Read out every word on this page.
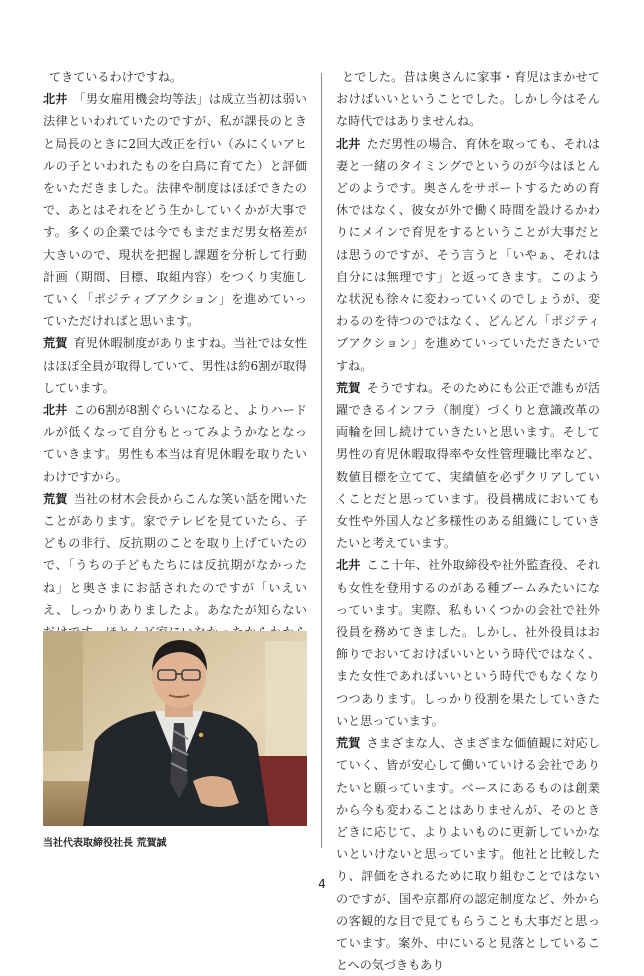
てきているわけですね。

北井 「男女雇用機会均等法」は成立当初は弱い法律といわれていたのですが、私が課長のときと局長のときに2回大改正を行い（みにくいアヒルの子といわれたものを白鳥に育てた）と評価をいただきました。法律や制度はほぼできたので、あとはそれをどう生かしていくかが大事です。多くの企業では今でもまだまだ男女格差が大きいので、現状を把握し課題を分析して行動計画（期間、目標、取組内容）をつくり実施していく「ポジティブアクション」を進めていっていただければと思います。

荒賀 育児休暇制度がありますね。当社では女性はほぼ全員が取得していて、男性は約6割が取得しています。

北井 この6割が8割ぐらいになると、よりハードルが低くなって自分もとってみようかなとなっていきます。男性も本当は育児休暇を取りたいわけですから。

荒賀 当社の材木会長からこんな笑い話を聞いたことがあります。家でテレビを見ていたら、子どもの非行、反抗期のことを取り上げていたので、「うちの子どもたちには反抗期がなかったね」と奥さまにお話されたのですが「いえいえ、しっかりありましたよ。あなたが知らない

とでした。昔は奥さんに家事・育児はまかせておけばいいということでした。しかし今はそんな時代ではありませんね。

北井 ただ男性の場合、育休を取っても、それは妻と一緒のタイミングでというのが今はほとんどのようです。奥さんをサポートするための育休ではなく、彼女が外で働く時間を設けるかわりにメインで育児をするということが大事だとは思うのですが、そう言うと「いやぁ、それは自分には無理です」と返ってきます。このような状況も徐々に変わっていくのでしょうが、変わるのを待つのではなく、どんどん「ポジティブアクション」を進めていっていただきたいですね。

荒賀 そうですね。そのためにも公正で誰もが活躍できるインフラ（制度）づくりと意識改革の両輪を回し続けていきたいと思います。そして男性の育児休暇取得率や女性管理職比率など、数値目標を立てて、実績値を必ずクリアしていくことだと思っています。役員構成においても女性や外国人など多様性のある組織にしていきたいと考えています。

北井 ここ十年、社外取締役や社外監査役、それも女性を登用するのがある種ブームみたいになっています。実際、私もいくつかの会社で社外役員を務めてきました。しかし、社外役員はお飾りでおいておけばいいという時代ではなく、また女性であればいいという時代でもなくなりつつあります。しっかり役割を果たしていきたいと思っています。

荒賀 さまざまな人、さまざまな価値観に対応していく、皆が安心して働いていける会社でありたいと願っています。ベースにあるものは創業から今も変わることはありませんが、そのときどきに応じて、よりよいものに更新していかないといけないと思っています。他社と比較したり、評価をされるために取り組むことではないのですが、国や京都府の認定制度など、外からの客観的な目で見てもらうことも大事だと思っています。案外、中にいると見落としていることへの気づきもあり

当社代表取締役社長 荒賀誠
4
